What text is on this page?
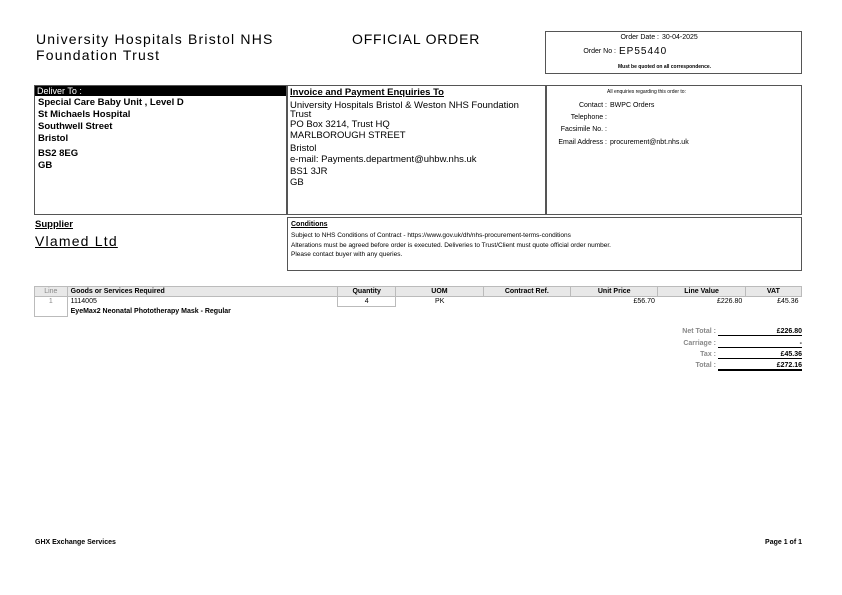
University Hospitals Bristol NHS
Foundation Trust
OFFICIAL ORDER	Order Date : 30-04-2025
Order No : EP55440
Must be quoted on all correspondence.
Deliver To :
Special Care Baby Unit , Level D
St Michaels Hospital
Southwell Street
Bristol
BS2 8EG
GB
Invoice and Payment Enquiries To
University Hospitals Bristol & Weston NHS Foundation
Trust
PO Box 3214, Trust HQ
MARLBOROUGH STREET
Bristol
e-mail: Payments.department@uhbw.nhs.uk
BS1 3JR
GB
All enquiries regarding this order to:
Contact : BWPC Orders
Telephone :
Facsimile No. :
Email Address : procurement@nbt.nhs.uk
Supplier
Vlamed Ltd
Conditions
Subject to NHS Conditions of Contract - https://www.gov.uk/dh/nhs-procurement-terms-conditions
Alterations must be agreed before order is executed. Deliveries to Trust/Client must quote official order number.
Please contact buyer with any queries.
Line	Goods or Services Required	Quantity	UOM	Contract Ref.	Unit Price	Line Value	VAT
1	1114005	4	PK		£56.70	£226.80	£45.36
	EyeMax2 Neonatal Phototherapy Mask - Regular						
Net Total :	£226.80
Carriage :	-
Tax :	£45.36
Total :	£272.16
GHX Exchange Services	Page 1 of 1
